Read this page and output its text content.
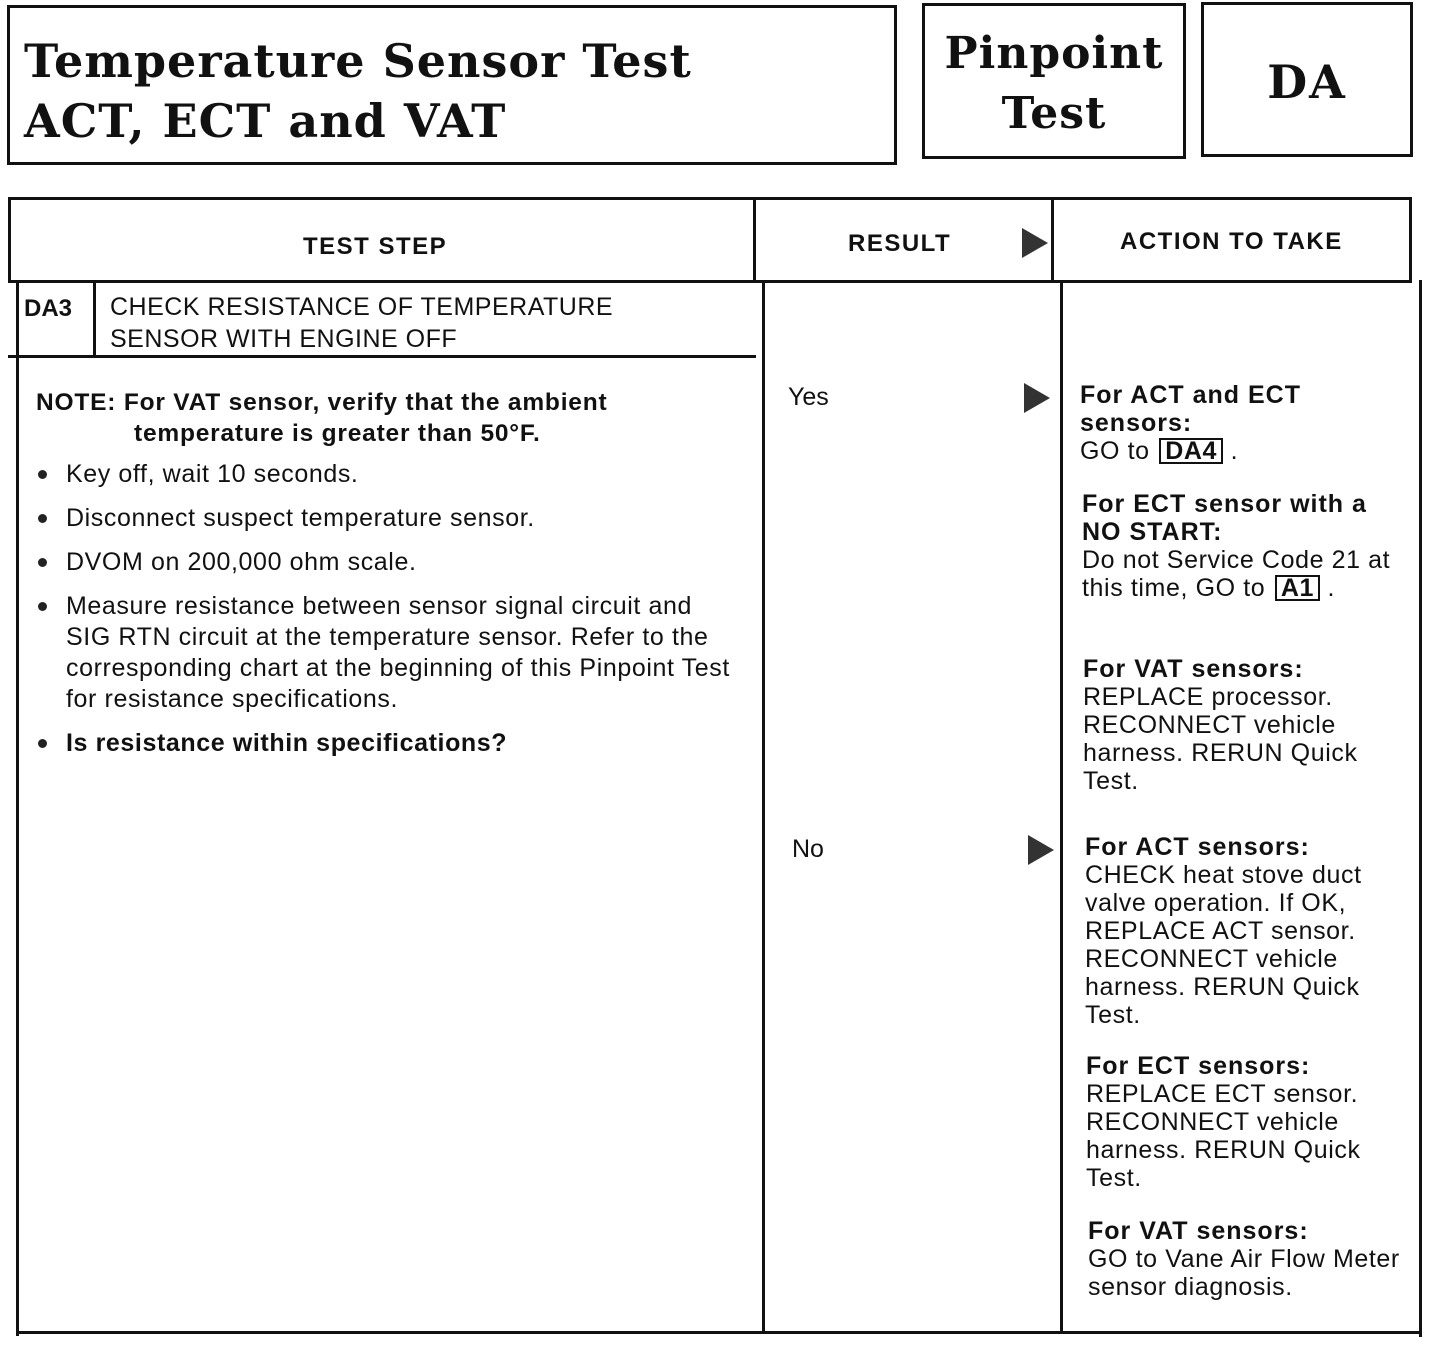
Temperature Sensor Test
ACT, ECT and VAT
Pinpoint
Test
DA
TEST STEP	RESULT	ACTION TO TAKE
DA3 CHECK RESISTANCE OF TEMPERATURE
SENSOR WITH ENGINE OFF
NOTE: For VAT sensor, verify that the ambient
temperature is greater than 50°F.
Key off, wait 10 seconds.
Disconnect suspect temperature sensor.
DVOM on 200,000 ohm scale.
Measure resistance between sensor signal circuit and SIG RTN circuit at the temperature sensor. Refer to the corresponding chart at the beginning of this Pinpoint Test for resistance specifications.
Is resistance within specifications?
Yes
No
For ACT and ECT sensors:
GO to DA4 .
For ECT sensor with a NO START:
Do not Service Code 21 at this time, GO to A1 .
For VAT sensors:
REPLACE processor. RECONNECT vehicle harness. RERUN Quick Test.
For ACT sensors:
CHECK heat stove duct valve operation. If OK, REPLACE ACT sensor. RECONNECT vehicle harness. RERUN Quick Test.
For ECT sensors:
REPLACE ECT sensor. RECONNECT vehicle harness. RERUN Quick Test.
For VAT sensors:
GO to Vane Air Flow Meter sensor diagnosis.
